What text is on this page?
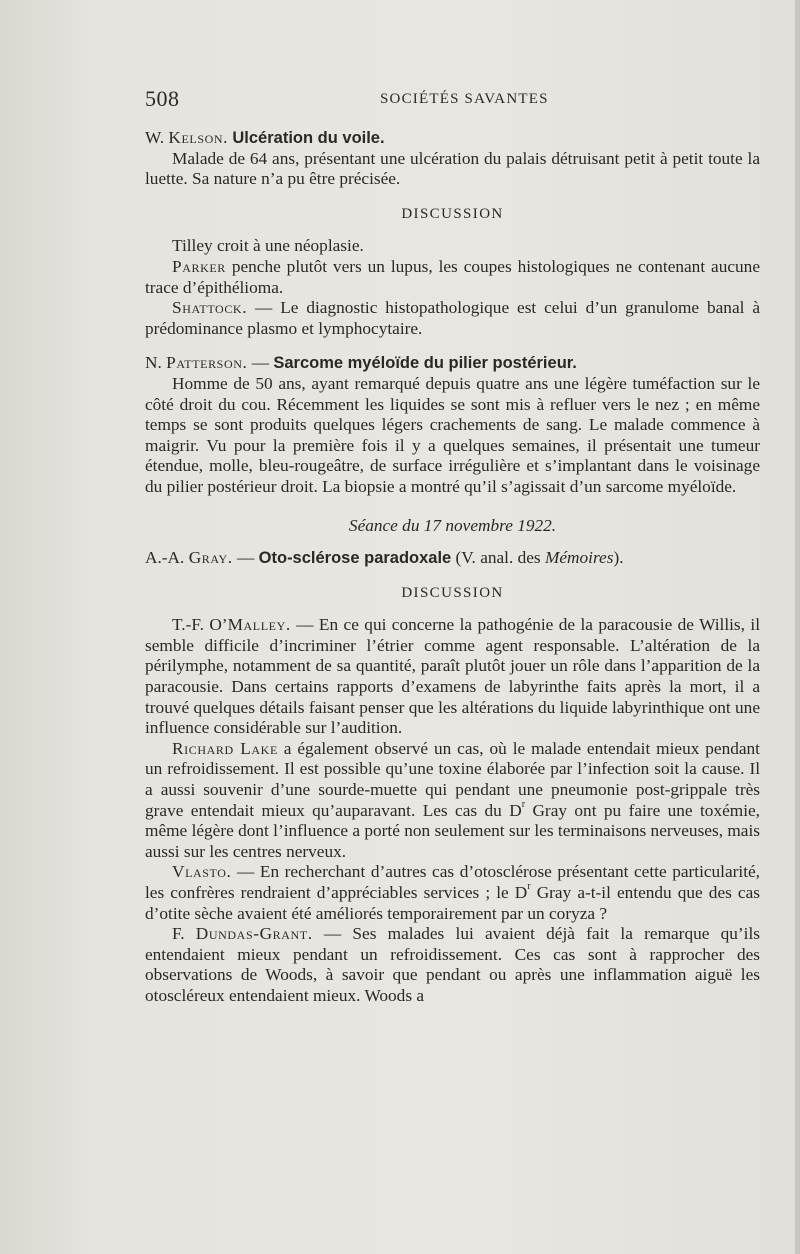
508	SOCIÉTÉS SAVANTES

W. Kelson. Ulcération du voile.

Malade de 64 ans, présentant une ulcération du palais détruisant petit à petit toute la luette. Sa nature n’a pu être précisée.

DISCUSSION

Tilley croit à une néoplasie.

Parker penche plutôt vers un lupus, les coupes histologiques ne contenant aucune trace d’épithélioma.

Shattock. — Le diagnostic histopathologique est celui d’un granulome banal à prédominance plasmo et lymphocytaire.

N. Patterson. — Sarcome myéloïde du pilier postérieur.

Homme de 50 ans, ayant remarqué depuis quatre ans une légère tuméfaction sur le côté droit du cou. Récemment les liquides se sont mis à refluer vers le nez ; en même temps se sont produits quelques légers crachements de sang. Le malade commence à maigrir. Vu pour la première fois il y a quelques semaines, il présentait une tumeur étendue, molle, bleu-rougeâtre, de surface irrégulière et s’implantant dans le voisinage du pilier postérieur droit. La biopsie a montré qu’il s’agissait d’un sarcome myéloïde.

Séance du 17 novembre 1922.

A.-A. Gray. — Oto-sclérose paradoxale (V. anal. des Mémoires).

DISCUSSION

T.-F. O’Malley. — En ce qui concerne la pathogénie de la paracousie de Willis, il semble difficile d’incriminer l’étrier comme agent responsable. L’altération de la périlymphe, notamment de sa quantité, paraît plutôt jouer un rôle dans l’apparition de la paracousie. Dans certains rapports d’examens de labyrinthe faits après la mort, il a trouvé quelques détails faisant penser que les altérations du liquide labyrinthique ont une influence considérable sur l’audition.

Richard Lake a également observé un cas, où le malade entendait mieux pendant un refroidissement. Il est possible qu’une toxine élaborée par l’infection soit la cause. Il a aussi souvenir d’une sourde-muette qui pendant une pneumonie post-grippale très grave entendait mieux qu’auparavant. Les cas du $D^r$ Gray ont pu faire une toxémie, même légère dont l’influence a porté non seulement sur les terminaisons nerveuses, mais aussi sur les centres nerveux.

Vlasto. — En recherchant d’autres cas d’otosclérose présentant cette particularité, les confrères rendraient d’appréciables services ; le $D^r$ Gray a-t-il entendu que des cas d’otite sèche avaient été améliorés temporairement par un coryza ?

F. Dundas-Grant. — Ses malades lui avaient déjà fait la remarque qu’ils entendaient mieux pendant un refroidissement. Ces cas sont à rapprocher des observations de Woods, à savoir que pendant ou après une inflammation aiguë les otoscléreux entendaient mieux. Woods a
